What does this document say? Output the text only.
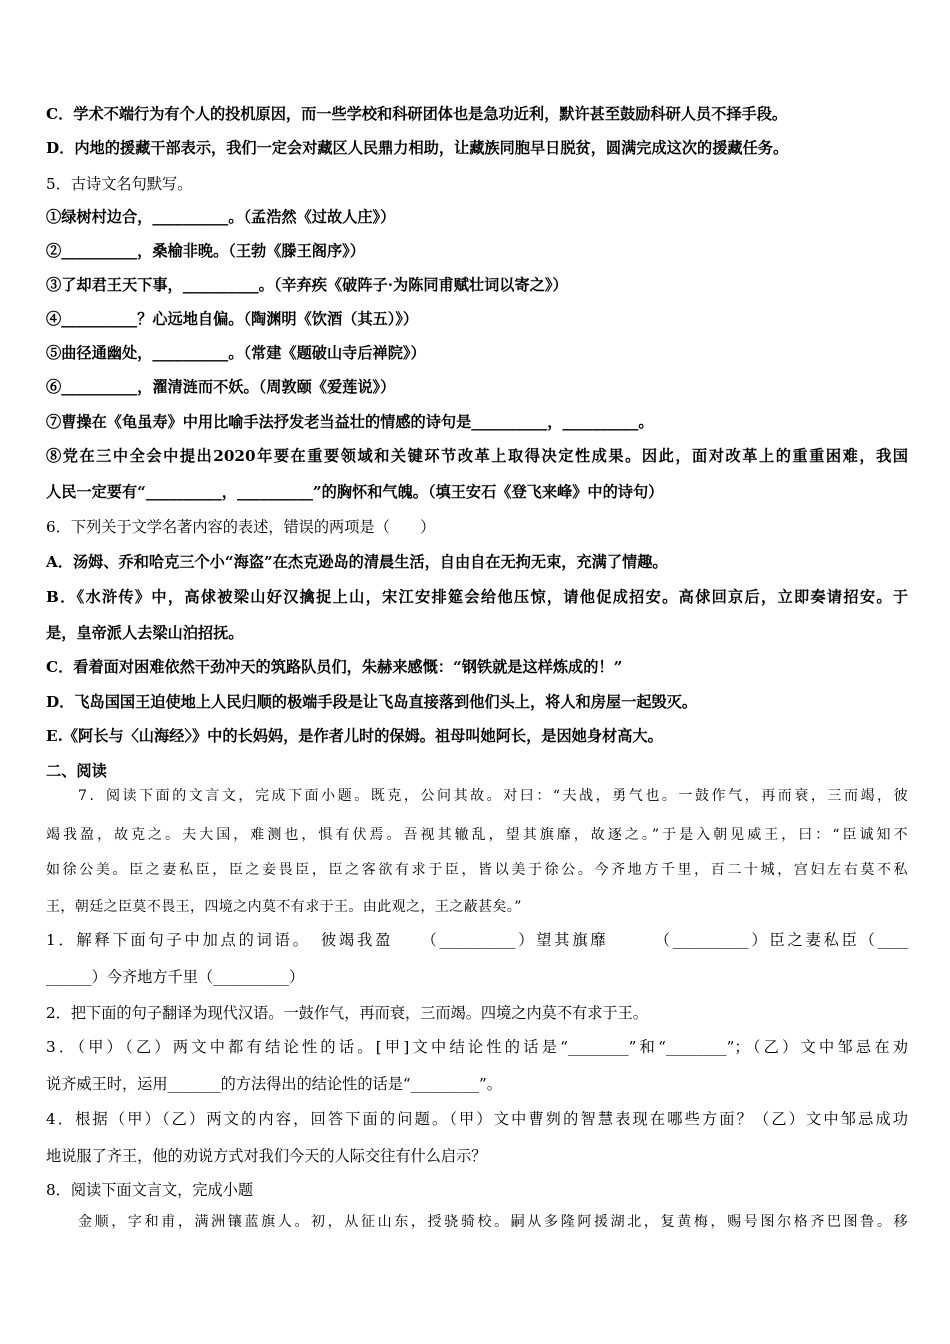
C．学术不端行为有个人的投机原因，而一些学校和科研团体也是急功近利，默许甚至鼓励科研人员不择手段。
D．内地的援藏干部表示，我们一定会对藏区人民鼎力相助，让藏族同胞早日脱贫，圆满完成这次的援藏任务。
5．古诗文名句默写。
①绿树村边合，__________。（孟浩然《过故人庄》）
②__________，桑榆非晚。（王勃《滕王阁序》）
③了却君王天下事，__________。（辛弃疾《破阵子·为陈同甫赋壮词以寄之》）
④__________？心远地自偏。（陶渊明《饮酒（其五）》）
⑤曲径通幽处，__________。（常建《题破山寺后禅院》）
⑥__________，濯清涟而不妖。（周敦颐《爱莲说》）
⑦曹操在《龟虽寿》中用比喻手法抒发老当益壮的情感的诗句是__________，__________。
⑧党在三中全会中提出2020年要在重要领域和关键环节改革上取得决定性成果。因此，面对改革上的重重困难，我国
人民一定要有“__________，__________”的胸怀和气魄。（填王安石《登飞来峰》中的诗句）
6．下列关于文学名著内容的表述，错误的两项是（　　）
A．汤姆、乔和哈克三个小“海盗”在杰克逊岛的清晨生活，自由自在无拘无束，充满了情趣。
B．《水浒传》中，高俅被梁山好汉擒捉上山，宋江安排筵会给他压惊，请他促成招安。高俅回京后，立即奏请招安。于
是，皇帝派人去梁山泊招抚。
C．看着面对困难依然干劲冲天的筑路队员们，朱赫来感慨：“钢铁就是这样炼成的！”
D．飞岛国国王迫使地上人民归顺的极端手段是让飞岛直接落到他们头上，将人和房屋一起毁灭。
E.《阿长与〈山海经〉》中的长妈妈，是作者儿时的保姆。祖母叫她阿长，是因她身材高大。
二、阅读
7．阅读下面的文言文，完成下面小题。既克，公问其故。对曰：“夫战，勇气也。一鼓作气，再而衰，三而竭，彼
竭我盈，故克之。夫大国，难测也，惧有伏焉。吾视其辙乱，望其旗靡，故逐之。”于是入朝见威王，曰：“臣诚知不
如徐公美。臣之妻私臣，臣之妾畏臣，臣之客欲有求于臣，皆以美于徐公。今齐地方千里，百二十城，宫妇左右莫不私
王，朝廷之臣莫不畏王，四境之内莫不有求于王。由此观之，王之蔽甚矣。”
1．解释下面句子中加点的词语。　彼竭我盈　　（__________）望其旗靡　　　（__________）臣之妻私臣（____
______）今齐地方千里（__________）
2．把下面的句子翻译为现代汉语。一鼓作气，再而衰，三而竭。四境之内莫不有求于王。
3．（甲）（乙）两文中都有结论性的话。[甲]文中结论性的话是“________”和“________”；（乙）文中邹忌在劝
说齐威王时，运用_______的方法得出的结论性的话是“_________”。
4．根据（甲）（乙）两文的内容，回答下面的问题。（甲）文中曹刿的智慧表现在哪些方面？（乙）文中邹忌成功
地说服了齐王，他的劝说方式对我们今天的人际交往有什么启示？
8．阅读下面文言文，完成小题
金顺，字和甫，满洲镶蓝旗人。初，从征山东，授骁骑校。嗣从多隆阿援湖北，复黄梅，赐号图尔格齐巴图鲁。移
